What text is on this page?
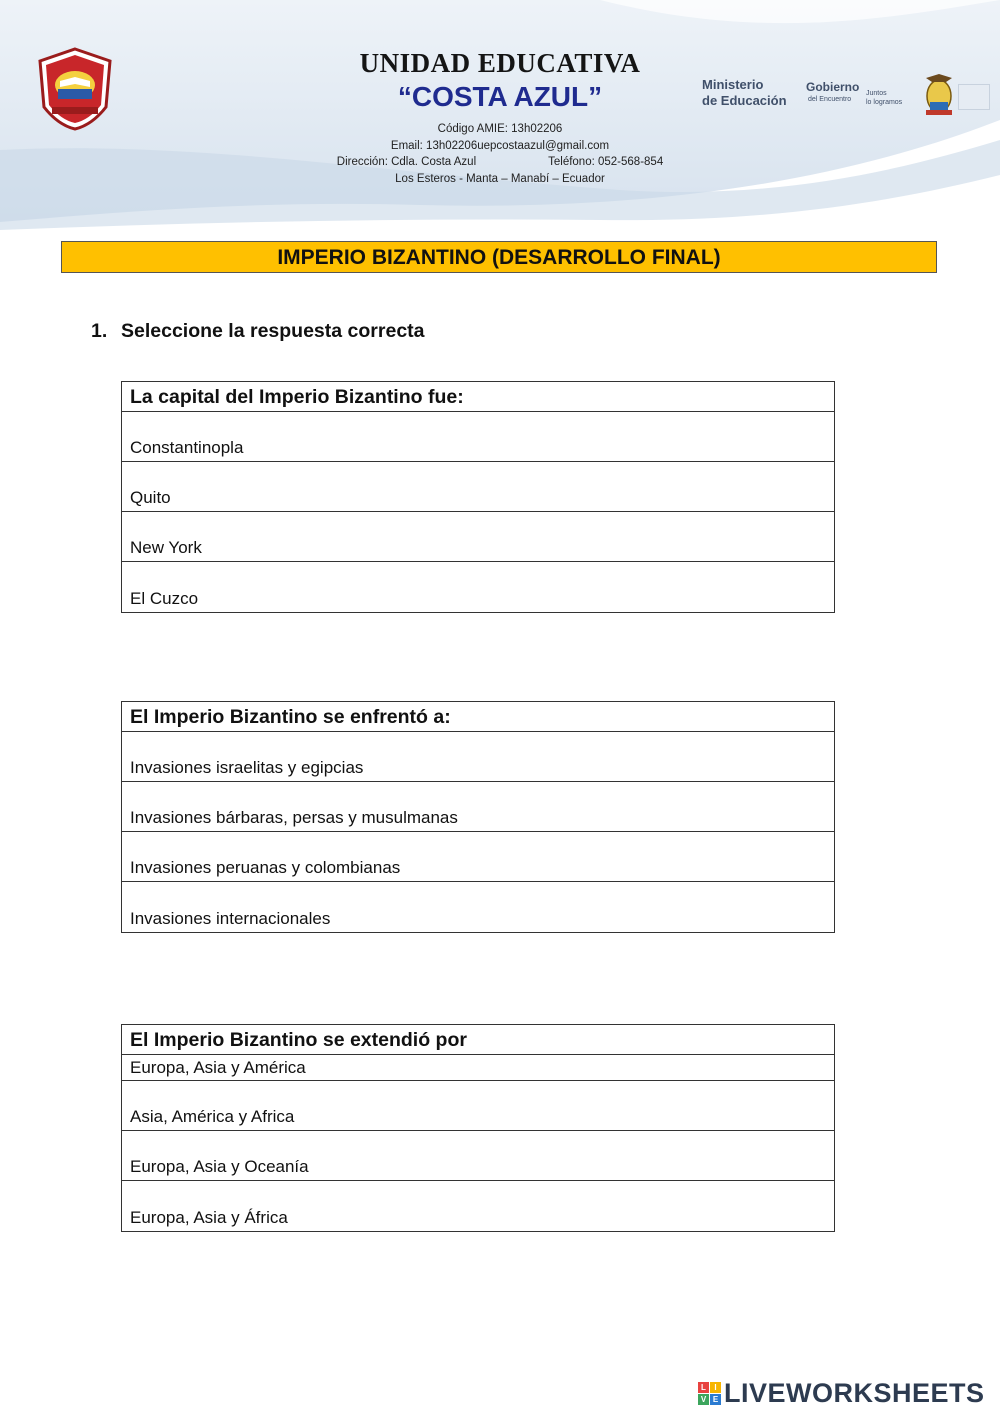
UNIDAD EDUCATIVA
“COSTA AZUL”
Código AMIE: 13h02206
Email: 13h02206uepcostaazul@gmail.com
Dirección: Cdla. Costa Azul	Teléfono: 052-568-854
Los Esteros - Manta – Manabí – Ecuador
Ministerio
de Educación
Gobierno
del Encuentro
Juntos
lo logramos
IMPERIO BIZANTINO (DESARROLLO FINAL)
1. Seleccione la respuesta correcta
La capital del Imperio Bizantino fue:
Constantinopla
Quito
New York
El Cuzco
El Imperio Bizantino se enfrentó a:
Invasiones israelitas y egipcias
Invasiones bárbaras, persas y musulmanas
Invasiones peruanas y colombianas
Invasiones internacionales
El Imperio Bizantino se extendió por
Europa, Asia y América
Asia, América y Africa
Europa, Asia y Oceanía
Europa, Asia y África
L	I
V E LIVEWORKSHEETS
